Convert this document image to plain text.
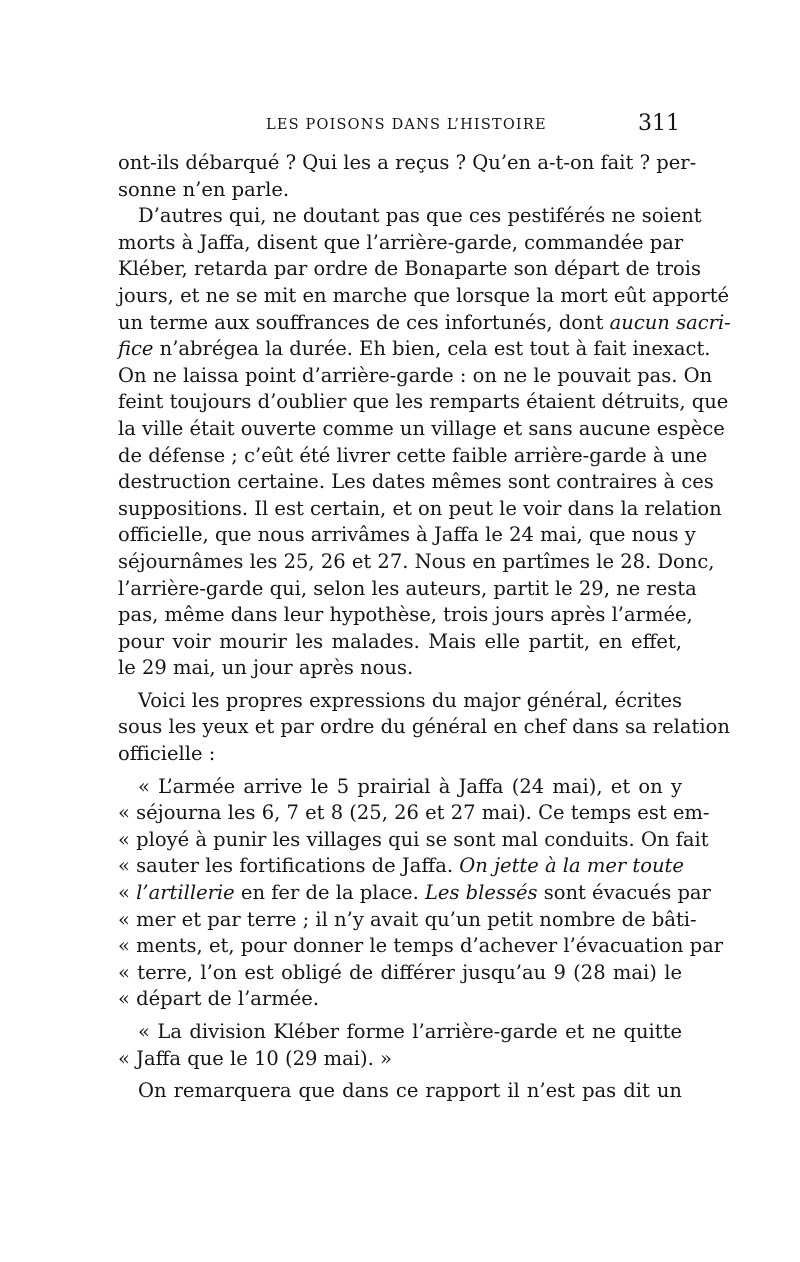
LES POISONS DANS L’HISTOIRE	311
ont-ils débarqué ? Qui les a reçus ? Qu’en a-t-on fait ? per-
sonne n’en parle.
D’autres qui, ne doutant pas que ces pestiférés ne soient
morts à Jaffa, disent que l’arrière-garde, commandée par
Kléber, retarda par ordre de Bonaparte son départ de trois
jours, et ne se mit en marche que lorsque la mort eût apporté
un terme aux souffrances de ces infortunés, dont aucun sacri-
fice n’abrégea la durée. Eh bien, cela est tout à fait inexact.
On ne laissa point d’arrière-garde : on ne le pouvait pas. On
feint toujours d’oublier que les remparts étaient détruits, que
la ville était ouverte comme un village et sans aucune espèce
de défense ; c’eût été livrer cette faible arrière-garde à une
destruction certaine. Les dates mêmes sont contraires à ces
suppositions. Il est certain, et on peut le voir dans la relation
officielle, que nous arrivâmes à Jaffa le 24 mai, que nous y
séjournâmes les 25, 26 et 27. Nous en partîmes le 28. Donc,
l’arrière-garde qui, selon les auteurs, partit le 29, ne resta
pas, même dans leur hypothèse, trois jours après l’armée,
pour voir mourir les malades. Mais elle partit, en effet,
le 29 mai, un jour après nous.
Voici les propres expressions du major général, écrites
sous les yeux et par ordre du général en chef dans sa relation
officielle :
« L’armée arrive le 5 prairial à Jaffa (24 mai), et on y
« séjourna les 6, 7 et 8 (25, 26 et 27 mai). Ce temps est em-
« ployé à punir les villages qui se sont mal conduits. On fait
« sauter les fortifications de Jaffa. On jette à la mer toute
« l’artillerie en fer de la place. Les blessés sont évacués par
« mer et par terre ; il n’y avait qu’un petit nombre de bâti-
« ments, et, pour donner le temps d’achever l’évacuation par
« terre, l’on est obligé de différer jusqu’au 9 (28 mai) le
« départ de l’armée.
« La division Kléber forme l’arrière-garde et ne quitte
« Jaffa que le 10 (29 mai). »
On remarquera que dans ce rapport il n’est pas dit un
